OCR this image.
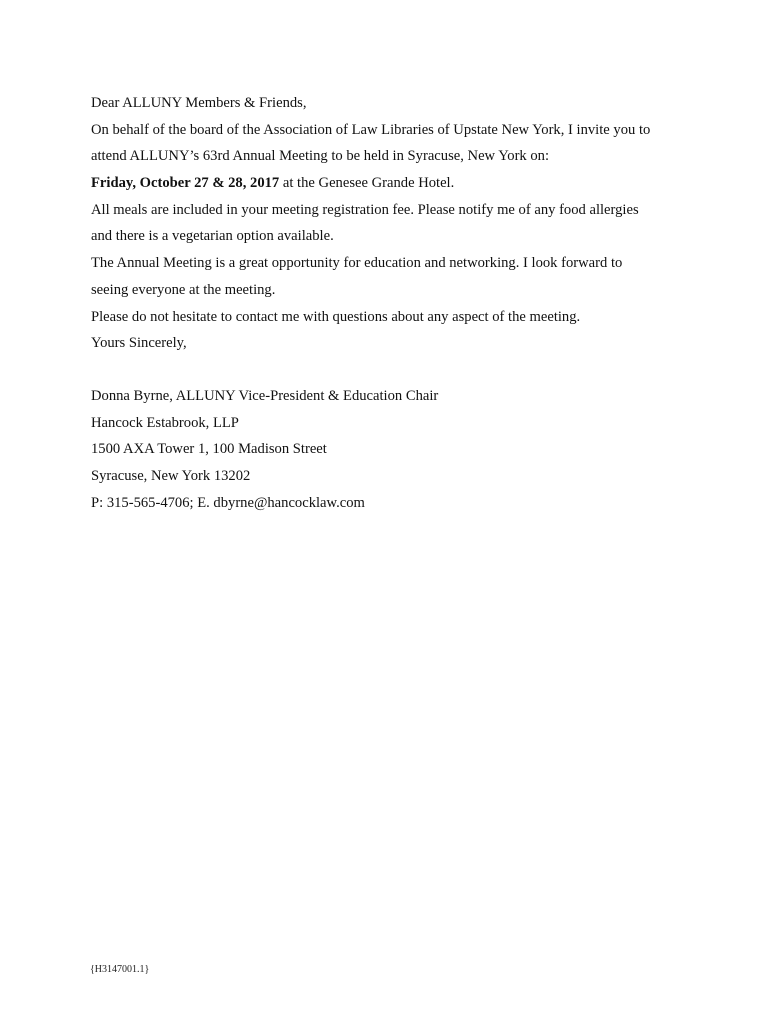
Dear ALLUNY Members & Friends,
On behalf of the board of the Association of Law Libraries of Upstate New York, I invite you to
attend ALLUNY’s 63rd Annual Meeting to be held in Syracuse, New York on:
Friday, October 27 & 28, 2017 at the Genesee Grande Hotel.
All meals are included in your meeting registration fee. Please notify me of any food allergies
and there is a vegetarian option available.
The Annual Meeting is a great opportunity for education and networking. I look forward to
seeing everyone at the meeting.
Please do not hesitate to contact me with questions about any aspect of the meeting.
Yours Sincerely,
Donna Byrne, ALLUNY Vice-President & Education Chair
Hancock Estabrook, LLP
1500 AXA Tower 1, 100 Madison Street
Syracuse, New York 13202
P: 315-565-4706; E. dbyrne@hancocklaw.com
{H3147001.1}
